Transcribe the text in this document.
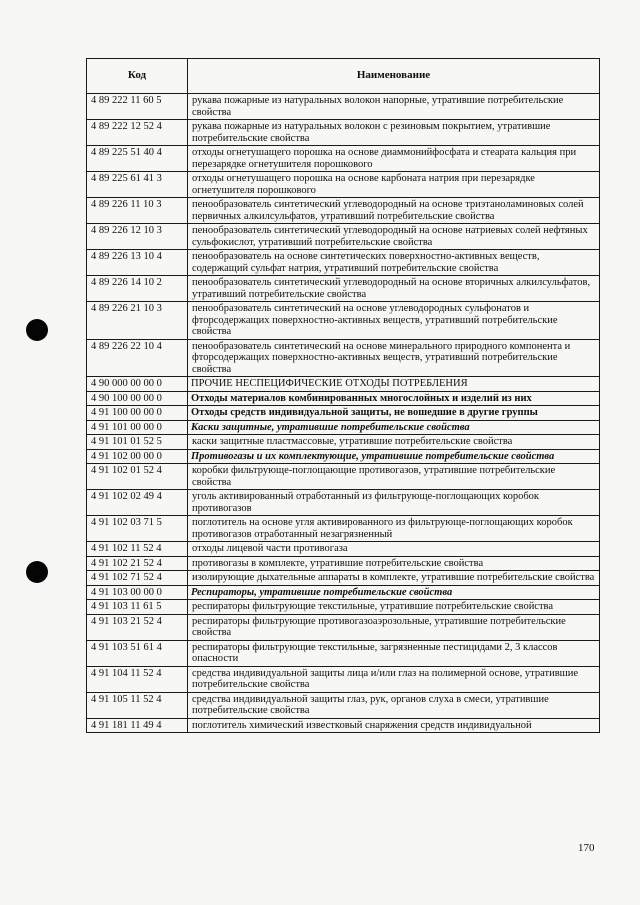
Код	Наименование
4 89 222 11 60 5	рукава пожарные из натуральных волокон напорные, утратившие потребительские свойства
4 89 222 12 52 4	рукава пожарные из натуральных волокон с резиновым покрытием, утратившие потребительские свойства
4 89 225 51 40 4	отходы огнетушащего порошка на основе диаммонийфосфата и стеарата кальция при перезарядке огнетушителя порошкового
4 89 225 61 41 3	отходы огнетушащего порошка на основе карбоната натрия при перезарядке огнетушителя порошкового
4 89 226 11 10 3	пенообразователь синтетический углеводородный на основе триэтаноламиновых солей первичных алкилсульфатов, утративший потребительские свойства
4 89 226 12 10 3	пенообразователь синтетический углеводородный на основе натриевых солей нефтяных сульфокислот, утративший потребительские свойства
4 89 226 13 10 4	пенообразователь на основе синтетических поверхностно-активных веществ, содержащий сульфат натрия, утративший потребительские свойства
4 89 226 14 10 2	пенообразователь синтетический углеводородный на основе вторичных алкилсульфатов, утративший потребительские свойства
4 89 226 21 10 3	пенообразователь синтетический на основе углеводородных сульфонатов и фторсодержащих поверхностно-активных веществ, утративший потребительские свойства
4 89 226 22 10 4	пенообразователь синтетический на основе минерального природного компонента и фторсодержащих поверхностно-активных веществ, утративший потребительские свойства
4 90 000 00 00 0	ПРОЧИЕ НЕСПЕЦИФИЧЕСКИЕ ОТХОДЫ ПОТРЕБЛЕНИЯ
4 90 100 00 00 0	Отходы материалов комбинированных многослойных и изделий из них
4 91 100 00 00 0	Отходы средств индивидуальной защиты, не вошедшие в другие группы
4 91 101 00 00 0	Каски защитные, утратившие потребительские свойства
4 91 101 01 52 5	каски защитные пластмассовые, утратившие потребительские свойства
4 91 102 00 00 0	Противогазы и их комплектующие, утратившие потребительские свойства
4 91 102 01 52 4	коробки фильтрующе-поглощающие противогазов, утратившие потребительские свойства
4 91 102 02 49 4	уголь активированный отработанный из фильтрующе-поглощающих коробок противогазов
4 91 102 03 71 5	поглотитель на основе угля активированного из фильтрующе-поглощающих коробок противогазов отработанный незагрязненный
4 91 102 11 52 4	отходы лицевой части противогаза
4 91 102 21 52 4	противогазы в комплекте, утратившие потребительские свойства
4 91 102 71 52 4	изолирующие дыхательные аппараты в комплекте, утратившие потребительские свойства
4 91 103 00 00 0	Респираторы, утратившие потребительские свойства
4 91 103 11 61 5	респираторы фильтрующие текстильные, утратившие потребительские свойства
4 91 103 21 52 4	респираторы фильтрующие противогазоаэрозольные, утратившие потребительские свойства
4 91 103 51 61 4	респираторы фильтрующие текстильные, загрязненные пестицидами 2, 3 классов опасности
4 91 104 11 52 4	средства индивидуальной защиты лица и/или глаз на полимерной основе, утратившие потребительские свойства
4 91 105 11 52 4	средства индивидуальной защиты глаз, рук, органов слуха в смеси, утратившие потребительские свойства
4 91 181 11 49 4	поглотитель химический известковый снаряжения средств индивидуальной
170
